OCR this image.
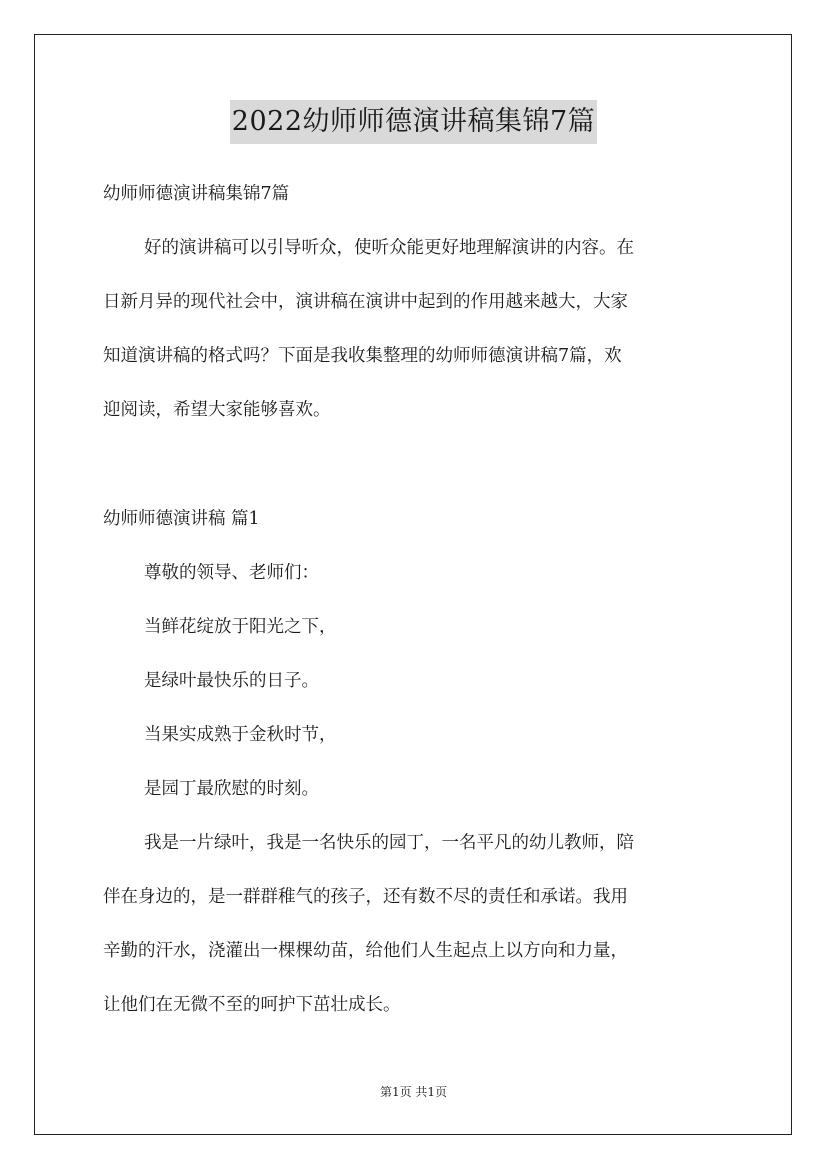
2022幼师师德演讲稿集锦7篇
幼师师德演讲稿集锦7篇
好的演讲稿可以引导听众，使听众能更好地理解演讲的内容。在
日新月异的现代社会中，演讲稿在演讲中起到的作用越来越大，大家
知道演讲稿的格式吗？下面是我收集整理的幼师师德演讲稿7篇，欢
迎阅读，希望大家能够喜欢。
幼师师德演讲稿 篇1
尊敬的领导、老师们：
当鲜花绽放于阳光之下，
是绿叶最快乐的日子。
当果实成熟于金秋时节，
是园丁最欣慰的时刻。
我是一片绿叶，我是一名快乐的园丁，一名平凡的幼儿教师，陪
伴在身边的，是一群群稚气的孩子，还有数不尽的责任和承诺。我用
辛勤的汗水，浇灌出一棵棵幼苗，给他们人生起点上以方向和力量，
让他们在无微不至的呵护下茁壮成长。
第1页 共1页
